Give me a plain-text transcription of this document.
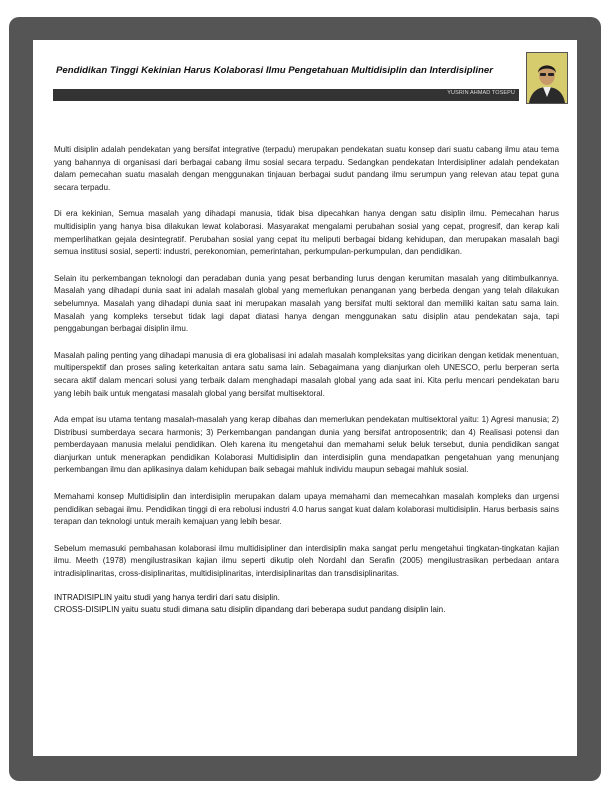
Pendidikan Tinggi Kekinian Harus Kolaborasi Ilmu Pengetahuan Multidisiplin dan Interdisipliner
YUSRIN AHMAD TOSEPU

Multi disiplin adalah pendekatan yang bersifat integrative (terpadu) merupakan pendekatan suatu konsep dari suatu cabang ilmu atau tema yang bahannya di organisasi dari berbagai cabang ilmu sosial secara terpadu. Sedangkan pendekatan Interdisipliner adalah pendekatan dalam pemecahan suatu masalah dengan menggunakan tinjauan berbagai sudut pandang ilmu serumpun yang relevan atau tepat guna secara terpadu.

Di era kekinian, Semua masalah yang dihadapi manusia, tidak bisa dipecahkan hanya dengan satu disiplin ilmu. Pemecahan harus multidisiplin yang hanya bisa dilakukan lewat kolaborasi. Masyarakat mengalami perubahan sosial yang cepat, progresif, dan kerap kali memperlihatkan gejala desintegratif. Perubahan sosial yang cepat itu meliputi berbagai bidang kehidupan, dan merupakan masalah bagi semua institusi sosial, seperti: industri, perekonomian, pemerintahan, perkumpulan-perkumpulan, dan pendidikan.

Selain itu perkembangan teknologi dan peradaban dunia yang pesat berbanding lurus dengan kerumitan masalah yang ditimbulkannya. Masalah yang dihadapi dunia saat ini adalah masalah global yang memerlukan penanganan yang berbeda dengan yang telah dilakukan sebelumnya. Masalah yang dihadapi dunia saat ini merupakan masalah yang bersifat multi sektoral dan memiliki kaitan satu sama lain. Masalah yang kompleks tersebut tidak lagi dapat diatasi hanya dengan menggunakan satu disiplin atau pendekatan saja, tapi penggabungan berbagai disiplin ilmu.

Masalah paling penting yang dihadapi manusia di era globalisasi ini adalah masalah kompleksitas yang dicirikan dengan ketidak menentuan, multiperspektif dan proses saling keterkaitan antara satu sama lain. Sebagaimana yang dianjurkan oleh UNESCO, perlu berperan serta secara aktif dalam mencari solusi yang terbaik dalam menghadapi masalah global yang ada saat ini. Kita perlu mencari pendekatan baru yang lebih baik untuk mengatasi masalah global yang bersifat multisektoral.

Ada empat isu utama tentang masalah-masalah yang kerap dibahas dan memerlukan pendekatan multisektoral yaitu: 1) Agresi manusia; 2) Distribusi sumberdaya secara harmonis; 3) Perkembangan pandangan dunia yang bersifat antroposentrik; dan 4) Realisasi potensi dan pemberdayaan manusia melalui pendidikan. Oleh karena itu mengetahui dan memahami seluk beluk tersebut, dunia pendidikan sangat dianjurkan untuk menerapkan pendidikan Kolaborasi Multidisiplin dan interdisiplin guna mendapatkan pengetahuan yang menunjang perkembangan ilmu dan aplikasinya dalam kehidupan baik sebagai mahluk individu maupun sebagai mahluk sosial.

Memahami konsep Multidisiplin dan interdisiplin merupakan dalam upaya memahami dan memecahkan masalah kompleks dan urgensi pendidikan sebagai ilmu. Pendidikan tinggi di era rebolusi industri 4.0 harus sangat kuat dalam kolaborasi multidisiplin. Harus berbasis sains terapan dan teknologi untuk meraih kemajuan yang lebih besar.

Sebelum memasuki pembahasan kolaborasi ilmu multidisipliner dan interdisiplin maka sangat perlu mengetahui tingkatan-tingkatan kajian ilmu. Meeth (1978) mengilustrasikan kajian ilmu seperti dikutip oleh Nordahl dan Serafin (2005) mengilustrasikan perbedaan antara intradisiplinaritas, cross-disiplinaritas, multidisiplinaritas, interdisiplinaritas dan transdisiplinaritas.

INTRADISIPLIN yaitu studi yang hanya terdiri dari satu disiplin.
CROSS-DISIPLIN yaitu suatu studi dimana satu disiplin dipandang dari beberapa sudut pandang disiplin lain.
